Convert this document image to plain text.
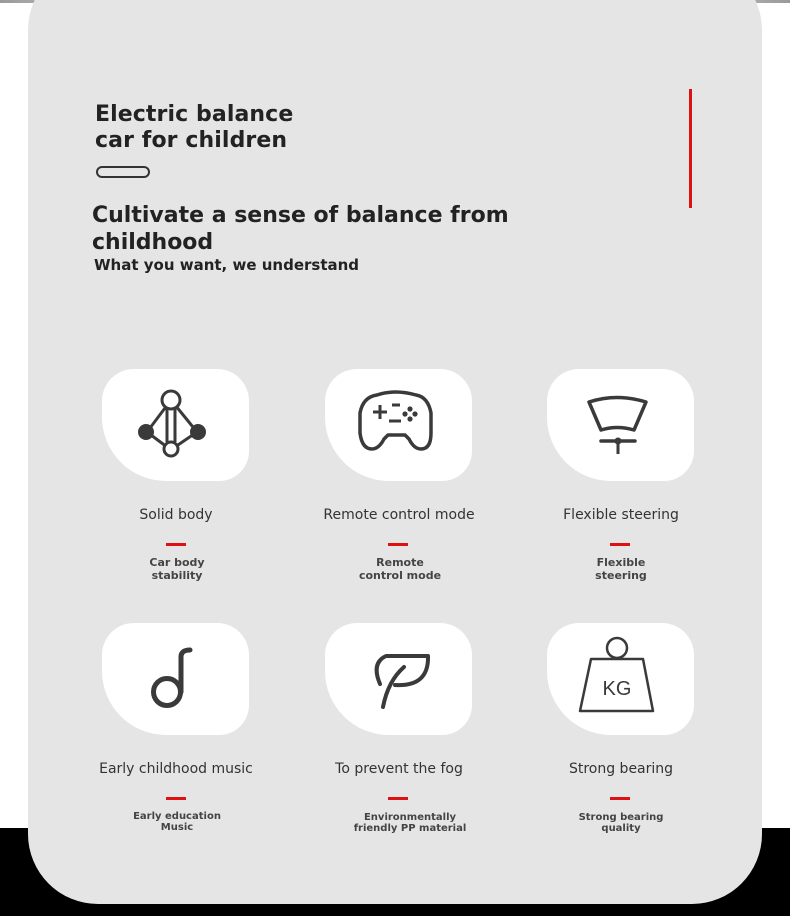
Electric balance
car for children
Cultivate a sense of balance from childhood
What you want, we understand
Solid body	Remote control mode	Flexible steering
Car body
stability
Remote
control mode
Flexible
steering
KG
Early childhood music	To prevent the fog	Strong bearing
Early education
Music
Environmentally
friendly PP material
Strong bearing
quality
